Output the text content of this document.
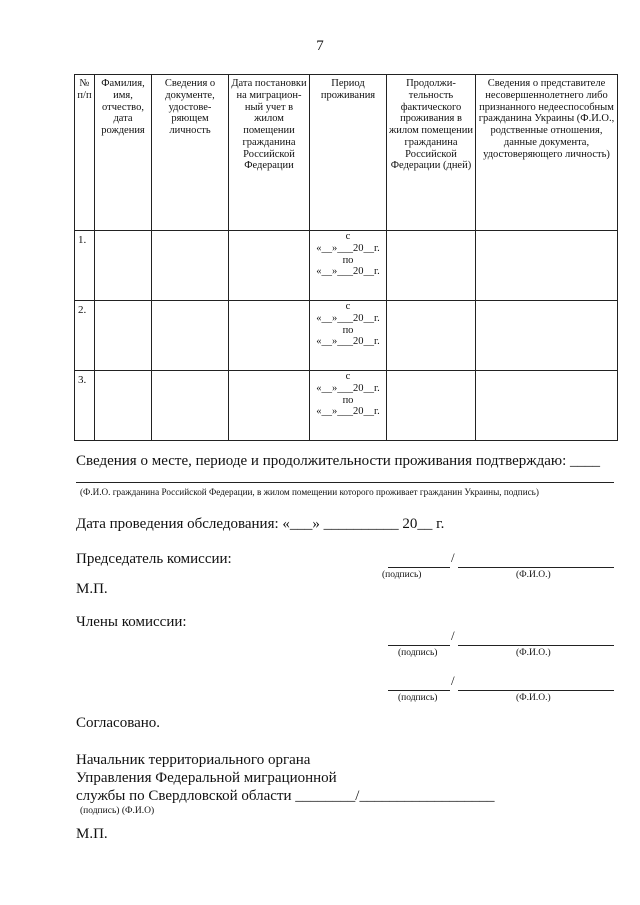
7
№ п/п	Фамилия, имя, отчество, дата рождения	Сведения о документе, удостове-ряющем личность	Дата постановки на миграцион-ный учет в жилом помещении гражданина Российской Федерации	Период проживания	Продолжи-тельность фактического проживания в жилом помещении гражданина Российской Федерации (дней)	Сведения о представителе несовершеннолетнего либо признанного недееспособным гражданина Украины (Ф.И.О., родственные отношения, данные документа, удостоверяющего личность)
1.				с
«__»___20__г.
по
«__»___20__г.		

2.				с
«__»___20__г.
по
«__»___20__г.		

3.				с
«__»___20__г.
по
«__»___20__г.		

Сведения о месте, периоде и продолжительности проживания подтверждаю: ____
(Ф.И.О. гражданина Российской Федерации, в жилом помещении которого проживает гражданин Украины, подпись)
Дата проведения обследования: «___» __________ 20__ г.
Председатель комиссии:	/
(подпись)	(Ф.И.О.)
М.П.
Члены комиссии:
/
(подпись)	(Ф.И.О.)
/
(подпись)	(Ф.И.О.)
Согласовано.
Начальник территориального органа
Управления Федеральной миграционной
службы по Свердловской области ________/__________________
(подпись) (Ф.И.О)
М.П.
